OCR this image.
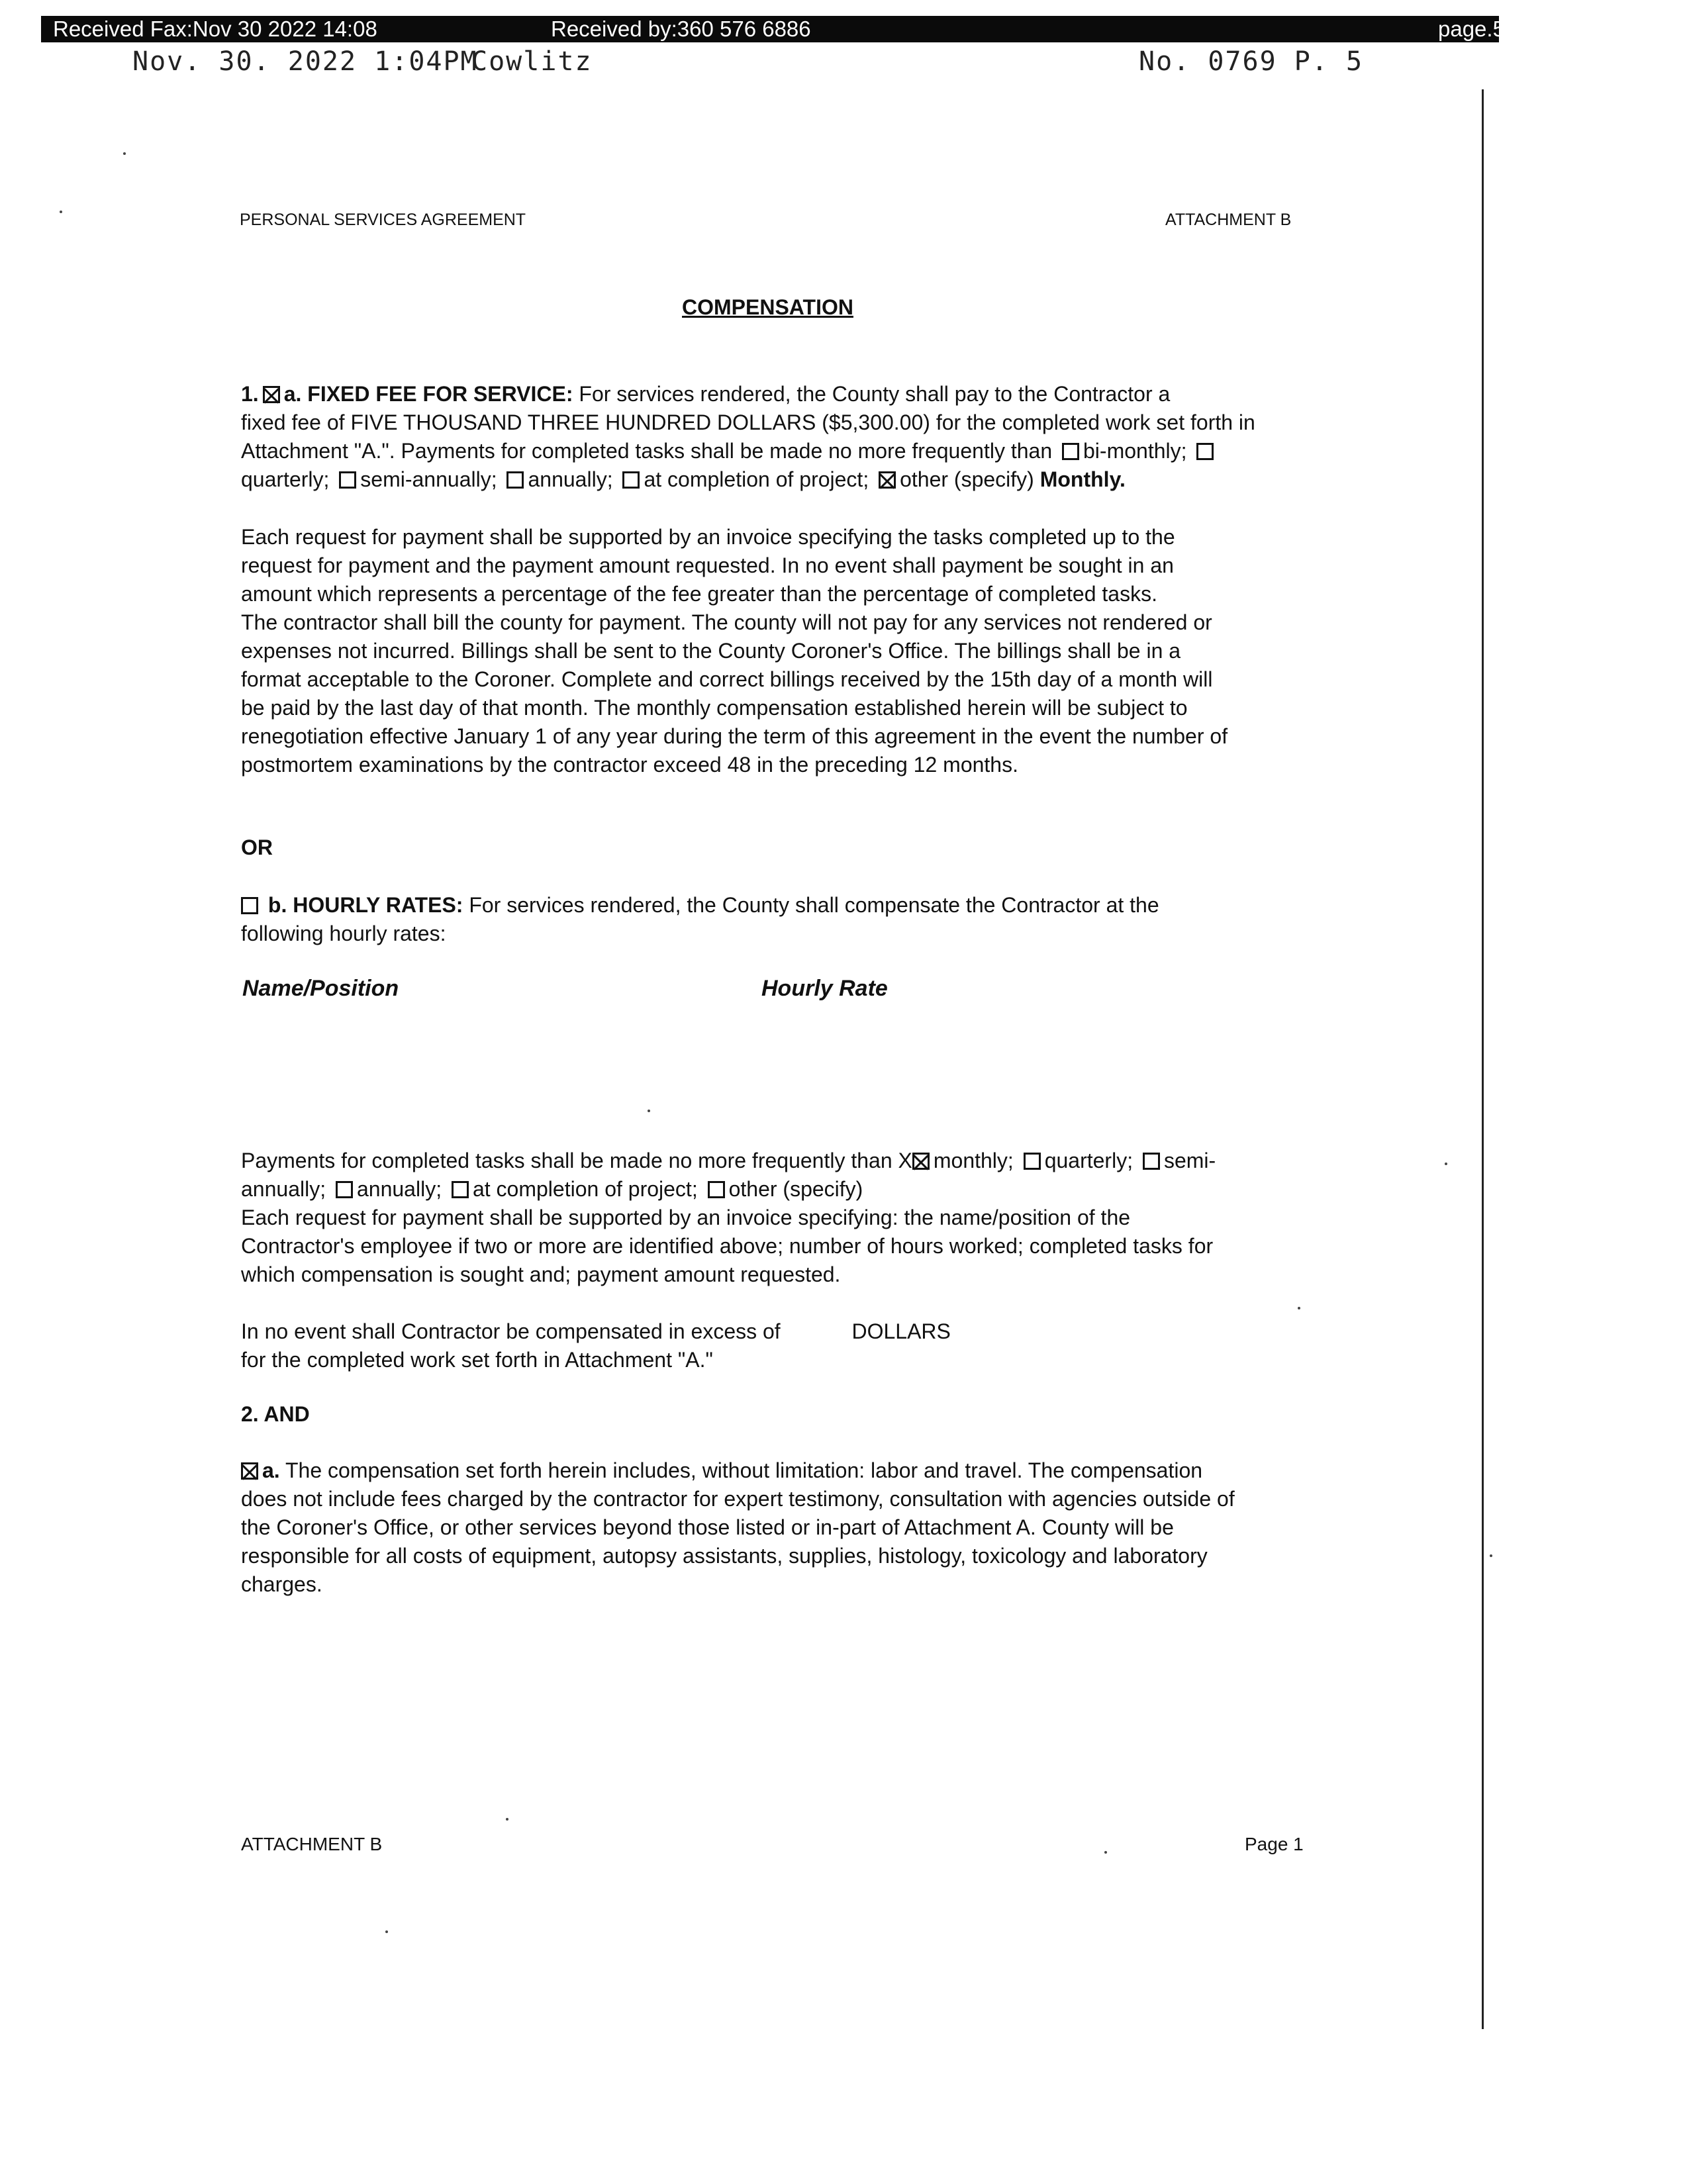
Received Fax:Nov 30 2022 14:08	Received by:360 576 6886	page.5
Nov. 30. 2022 1:04PM
Cowlitz	No. 0769 P. 5
PERSONAL SERVICES AGREEMENT	ATTACHMENT B
COMPENSATION
1. a. FIXED FEE FOR SERVICE: For services rendered, the County shall pay to the Contractor a
fixed fee of FIVE THOUSAND THREE HUNDRED DOLLARS ($5,300.00) for the completed work set forth in
Attachment "A.". Payments for completed tasks shall be made no more frequently than bi-monthly;
quarterly; semi-annually; annually; at completion of project; other (specify) Monthly.
Each request for payment shall be supported by an invoice specifying the tasks completed up to the
request for payment and the payment amount requested. In no event shall payment be sought in an
amount which represents a percentage of the fee greater than the percentage of completed tasks.
The contractor shall bill the county for payment. The county will not pay for any services not rendered or
expenses not incurred. Billings shall be sent to the County Coroner's Office. The billings shall be in a
format acceptable to the Coroner. Complete and correct billings received by the 15th day of a month will
be paid by the last day of that month. The monthly compensation established herein will be subject to
renegotiation effective January 1 of any year during the term of this agreement in the event the number of
postmortem examinations by the contractor exceed 48 in the preceding 12 months.
OR
b. HOURLY RATES: For services rendered, the County shall compensate the Contractor at the
following hourly rates:
Name/Position	Hourly Rate
Payments for completed tasks shall be made no more frequently than X monthly; quarterly; semi-
annually; annually; at completion of project; other (specify)
Each request for payment shall be supported by an invoice specifying: the name/position of the
Contractor's employee if two or more are identified above; number of hours worked; completed tasks for
which compensation is sought and; payment amount requested.
In no event shall Contractor be compensated in excess of	DOLLARS
for the completed work set forth in Attachment "A."
2. AND
a. The compensation set forth herein includes, without limitation: labor and travel. The compensation
does not include fees charged by the contractor for expert testimony, consultation with agencies outside of
the Coroner's Office, or other services beyond those listed or in-part of Attachment A. County will be
responsible for all costs of equipment, autopsy assistants, supplies, histology, toxicology and laboratory
charges.
ATTACHMENT B	Page 1
